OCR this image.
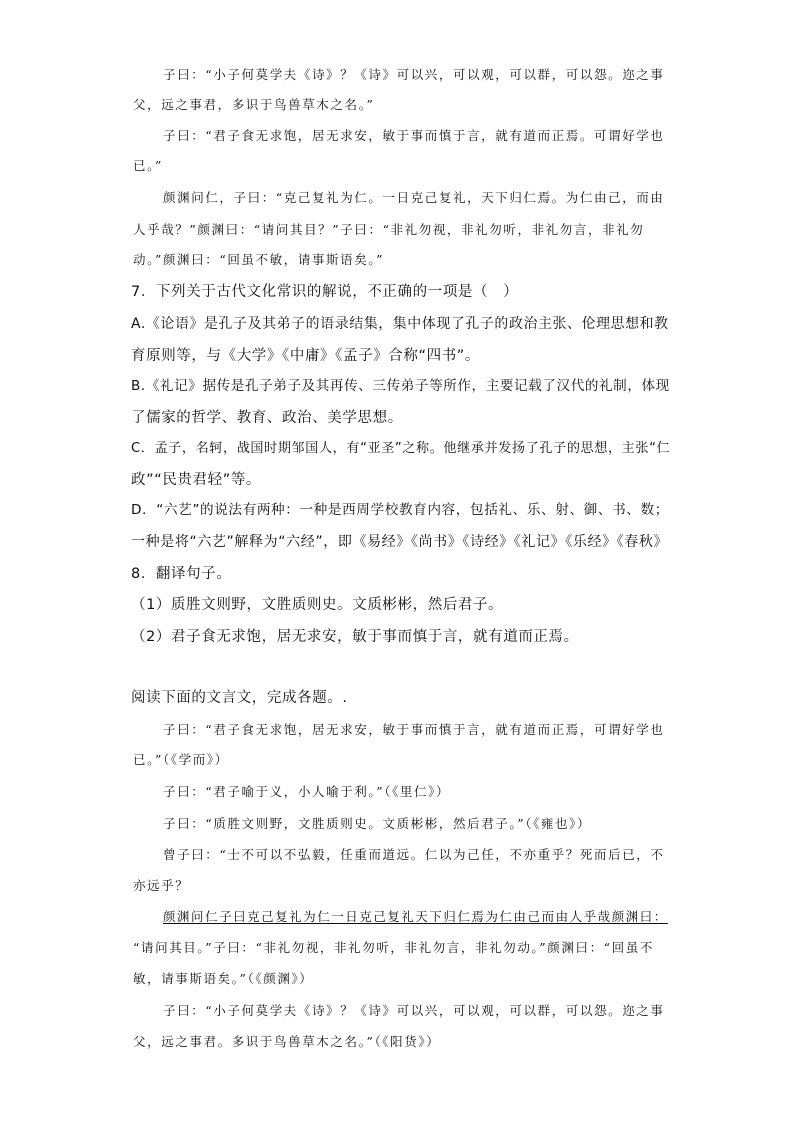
子曰：“小子何莫学夫《诗》？《诗》可以兴，可以观，可以群，可以怨。迩之事
父，远之事君，多识于鸟兽草木之名。”
子曰：“君子食无求饱，居无求安，敏于事而慎于言，就有道而正焉。可谓好学也
已。”
颜渊问仁，子曰：“克己复礼为仁。一日克己复礼，天下归仁焉。为仁由己，而由
人乎哉？”颜渊曰：“请问其目？”子曰：“非礼勿视，非礼勿听，非礼勿言，非礼勿
动。”颜渊曰：“回虽不敏，请事斯语矣。”
7．下列关于古代文化常识的解说，不正确的一项是（　）
A.《论语》是孔子及其弟子的语录结集，集中体现了孔子的政治主张、伦理思想和教
育原则等，与《大学》《中庸》《孟子》合称“四书”。
B.《礼记》据传是孔子弟子及其再传、三传弟子等所作，主要记载了汉代的礼制，体现
了儒家的哲学、教育、政治、美学思想。
C．孟子，名轲，战国时期邹国人，有“亚圣”之称。他继承并发扬了孔子的思想，主张“仁
政”“民贵君轻”等。
D．“六艺”的说法有两种：一种是西周学校教育内容，包括礼、乐、射、御、书、数；
一种是将“六艺”解释为“六经”，即《易经》《尚书》《诗经》《礼记》《乐经》《春秋》
8．翻译句子。
（1）质胜文则野，文胜质则史。文质彬彬，然后君子。
（2）君子食无求饱，居无求安，敏于事而慎于言，就有道而正焉。
阅读下面的文言文，完成各题。.
子曰：“君子食无求饱，居无求安，敏于事而慎于言，就有道而正焉，可谓好学也
已。”（《学而》）
子曰：“君子喻于义，小人喻于利。”（《里仁》）
子曰：“质胜文则野，文胜质则史。文质彬彬，然后君子。”（《雍也》）
曾子曰：“士不可以不弘毅，任重而道远。仁以为己任，不亦重乎？死而后已，不
亦远乎？
颜渊问仁子曰克己复礼为仁一日克己复礼天下归仁焉为仁由己而由人乎哉颜渊曰：
“请问其目。”子曰：“非礼勿视，非礼勿听，非礼勿言，非礼勿动。”颜渊曰：“回虽不
敏，请事斯语矣。”（《颜渊》）
子曰：“小子何莫学夫《诗》？《诗》可以兴，可以观，可以群，可以怨。迩之事
父，远之事君。多识于鸟兽草木之名。”（《阳货》）
